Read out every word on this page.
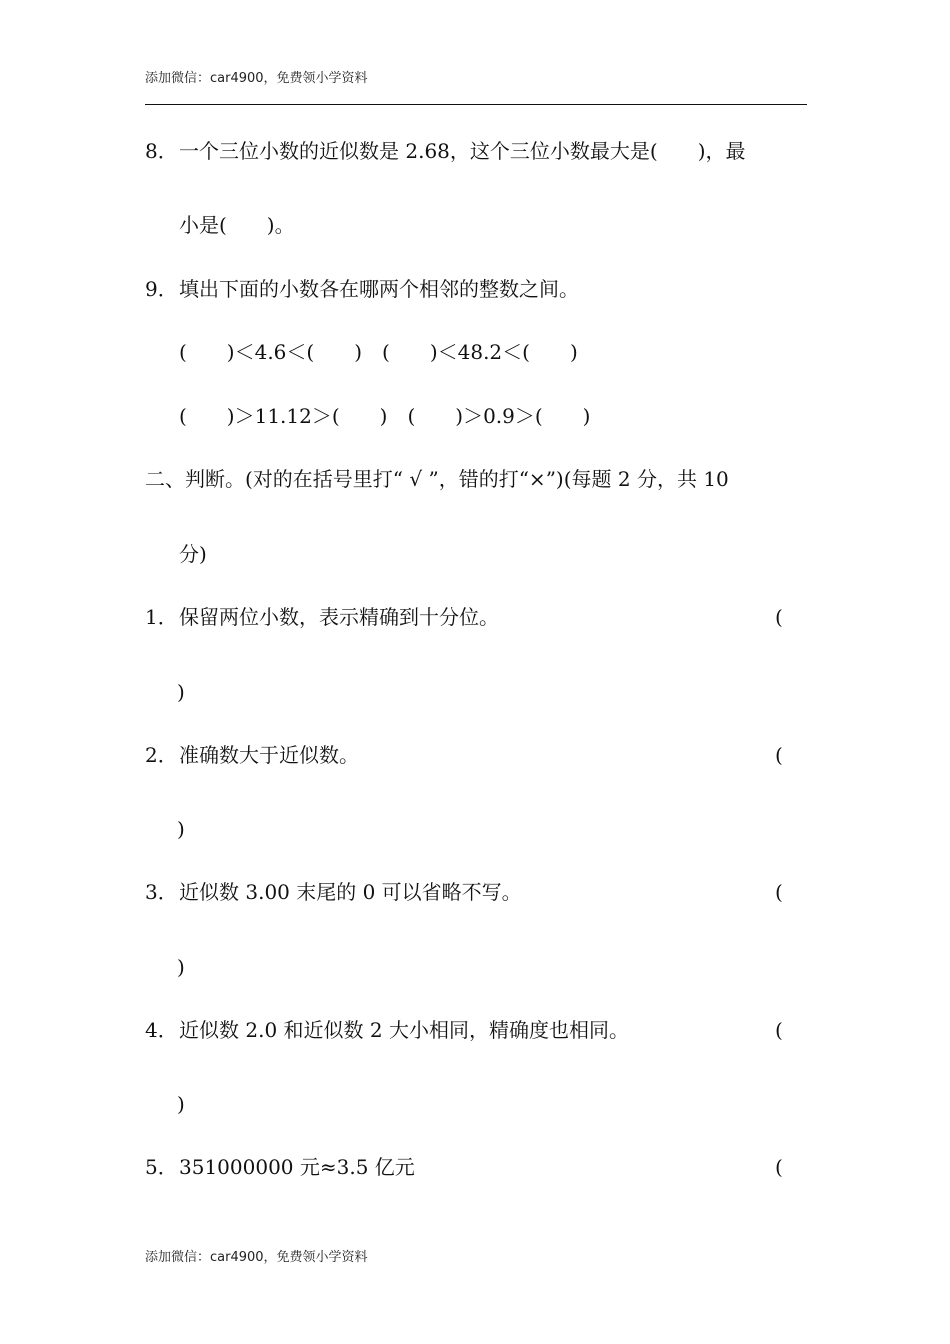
添加微信：car4900，免费领小学资料
8． 一个三位小数的近似数是 2.68，这个三位小数最大是(　　)，最
小是(　　)。
9． 填出下面的小数各在哪两个相邻的整数之间。
(　　)＜4.6＜(　　)　(　　)＜48.2＜(　　)
(　　)＞11.12＞(　　)　(　　)＞0.9＞(　　)
二、判断。(对的在括号里打“ √ ”，错的打“×”)(每题 2 分，共 10
分)
1． 保留两位小数，表示精确到十分位。	(
)
2． 准确数大于近似数。	(
)
3． 近似数 3.00 末尾的 0 可以省略不写。	(
)
4． 近似数 2.0 和近似数 2 大小相同，精确度也相同。	(
)
5． 351000000 元≈3.5 亿元	(
添加微信：car4900，免费领小学资料
